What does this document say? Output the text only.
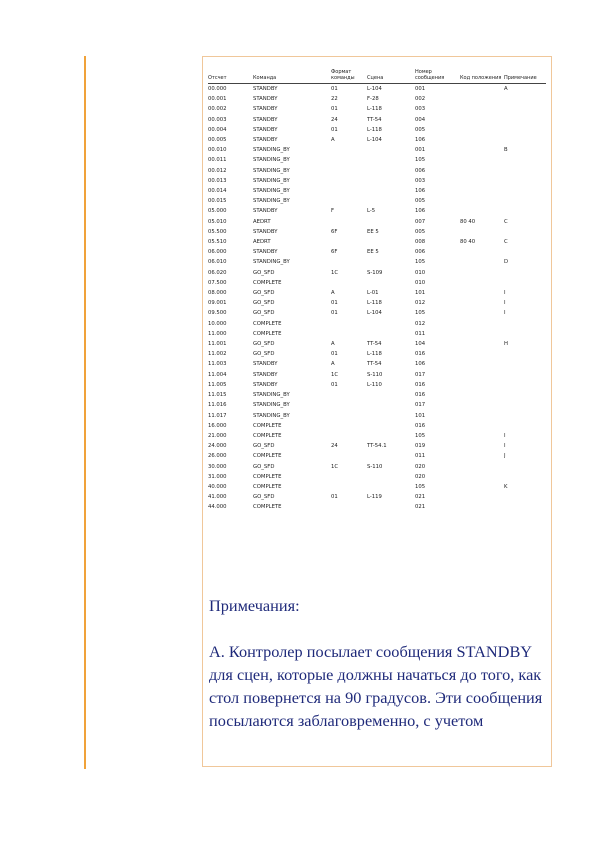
Отсчет	Команда	Формат команды	Сцена	Номер сообщения	Код положения	Примечание
00.000	STANDBY	01	L-104	001		A
00.001	STANDBY	22	F-28	002		
00.002	STANDBY	01	L-118	003		
00.003	STANDBY	24	TT-54	004		
00.004	STANDBY	01	L-118	005		
00.005	STANDBY	A	L-104	106		
00.010	STANDING_BY			001		B
00.011	STANDING_BY			105		
00.012	STANDING_BY			006		
00.013	STANDING_BY			003		
00.014	STANDING_BY			106		
00.015	STANDING_BY			005		
05.000	STANDBY	F	L-5	106		
05.010	AEDRT			007	80 40	C
05.500	STANDBY	6F	EE 5	005		
05.510	AEDRT			008	80 40	C
06.000	STANDBY	6F	EE 5	006		
06.010	STANDING_BY			105		D
06.020	GO_SFD	1C	S-109	010		
07.500	COMPLETE			010		
08.000	GO_SFD	A	L-01	101		I
09.001	GO_SFD	01	L-118	012		I
09.500	GO_SFD	01	L-104	105		I
10.000	COMPLETE			012		
11.000	COMPLETE			011		
11.001	GO_SFD	A	TT-54	104		H
11.002	GO_SFD	01	L-118	016		
11.003	STANDBY	A	TT-54	106		
11.004	STANDBY	1C	S-110	017		
11.005	STANDBY	01	L-110	016		
11.015	STANDING_BY			016		
11.016	STANDING_BY			017		
11.017	STANDING_BY			101		
16.000	COMPLETE			016		
21.000	COMPLETE			105		I
24.000	GO_SFD	24	TT-54.1	019		I
26.000	COMPLETE			011		J
30.000	GO_SFD	1C	S-110	020		
31.000	COMPLETE			020		
40.000	COMPLETE			105		K
41.000	GO_SFD	01	L-119	021		
44.000	COMPLETE			021		

Примечания:

А. Контролер посылает сообщения STANDBY для сцен, которые должны начаться до того, как стол повернется на 90 градусов. Эти сообщения посылаются заблаговременно, с учетом
